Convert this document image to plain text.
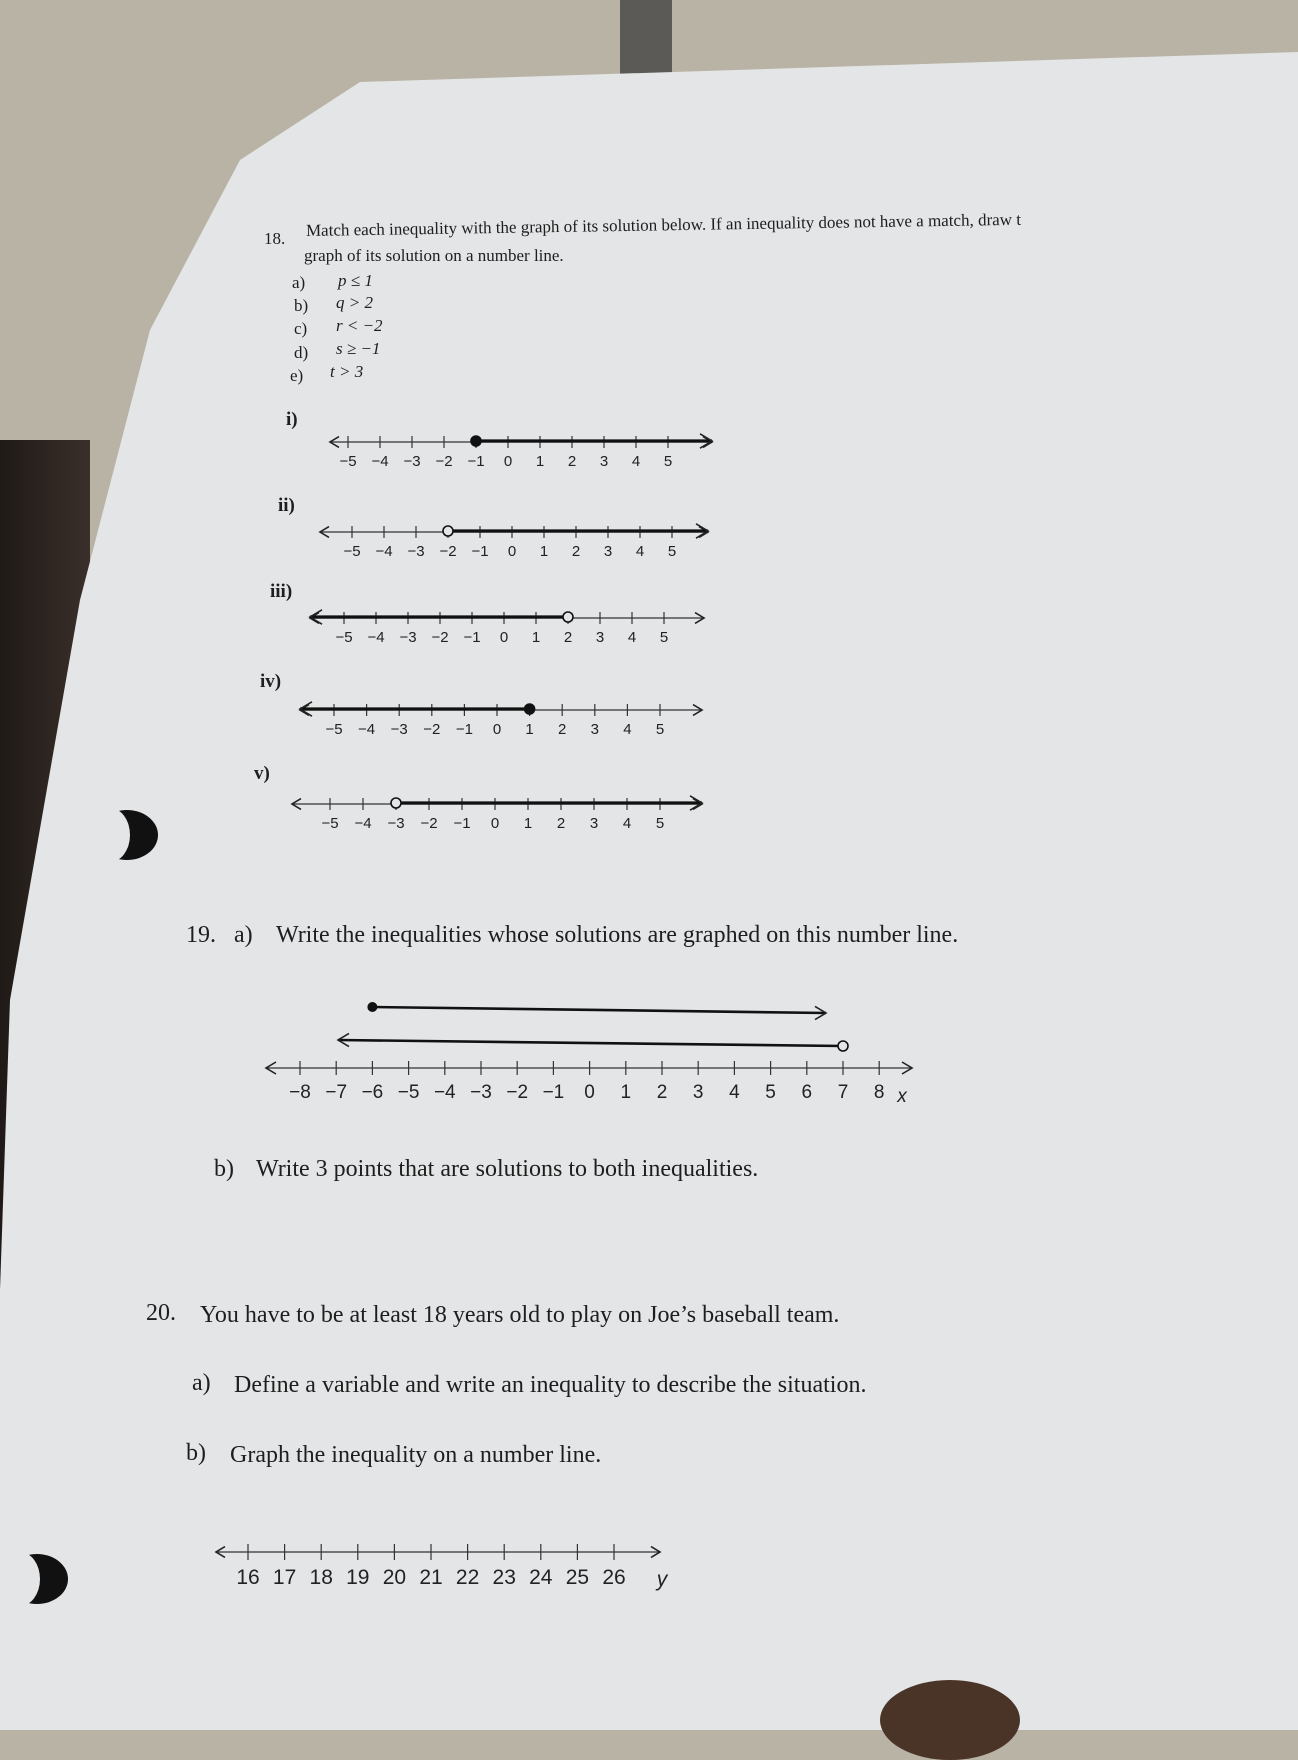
18. Match each inequality with the graph of its solution below. If an inequality does not have a match, draw t
graph of its solution on a number line.
a) p ≤ 1
b) q > 2
c) r < −2
d) s ≥ −1
e) t > 3
i)
−5 −4 −3 −2 −1 0 1 2 3 4 5
ii)
−5 −4 −3 −2 −1 0 1 2 3 4 5
iii)
−5 −4 −3 −2 −1 0 1 2 3 4 5
iv)
−5 −4 −3 −2 −1 0 1 2 3 4 5
v)
−5 −4 −3 −2 −1 0 1 2 3 4 5
19. a) Write the inequalities whose solutions are graphed on this number line.
−8 −7 −6 −5 −4 −3 −2 −1 0 1 2 3 4 5 6 7 8 x
b) Write 3 points that are solutions to both inequalities.
20. You have to be at least 18 years old to play on Joe’s baseball team.
a) Define a variable and write an inequality to describe the situation.
b) Graph the inequality on a number line.
16 17 18 19 20 21 22 23 24 25 26 y
